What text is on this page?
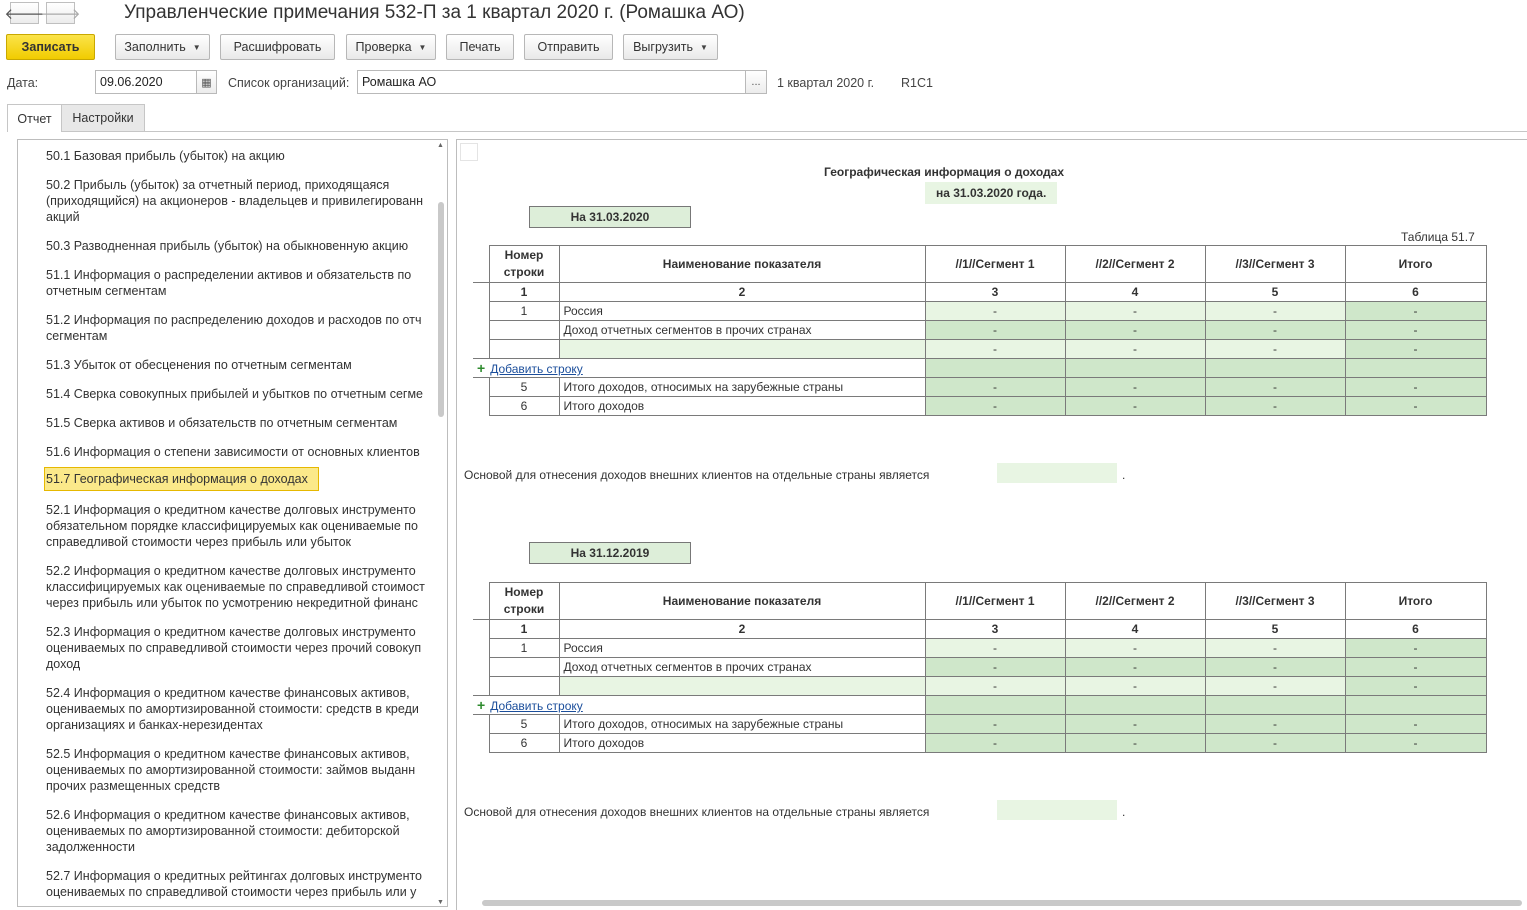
🡐
🡒 Управленческие примечания 532-П за 1 квартал 2020 г. (Ромашка АО)
Записать	Заполнить ▼	Расшифровать	Проверка ▼	Печать	Отправить	Выгрузить ▼
Дата:	09.06.2020	▦ Список организаций:	Ромашка АО	...	1 квартал 2020 г. R1C1
Отчет	Настройки
50.1 Базовая прибыль (убыток) на акцию
50.2 Прибыль (убыток) за отчетный период, приходящаяся
(приходящийся) на акционеров - владельцев и привилегированн
акций
50.3 Разводненная прибыль (убыток) на обыкновенную акцию
51.1 Информация о распределении активов и обязательств по
отчетным сегментам
51.2 Информация по распределению доходов и расходов по отч
сегментам
51.3 Убыток от обесценения по отчетным сегментам
51.4 Сверка совокупных прибылей и убытков по отчетным сегме
51.5 Сверка активов и обязательств по отчетным сегментам
51.6 Информация о степени зависимости от основных клиентов
51.7 Географическая информация о доходах
52.1 Информация о кредитном качестве долговых инструменто
обязательном порядке классифицируемых как оцениваемые по
справедливой стоимости через прибыль или убыток
52.2 Информация о кредитном качестве долговых инструменто
классифицируемых как оцениваемые по справедливой стоимост
через прибыль или убыток по усмотрению некредитной финанс
52.3 Информация о кредитном качестве долговых инструменто
оцениваемых по справедливой стоимости через прочий совокуп
доход
52.4 Информация о кредитном качестве финансовых активов,
оцениваемых по амортизированной стоимости: средств в креди
организациях и банках-нерезидентах
52.5 Информация о кредитном качестве финансовых активов,
оцениваемых по амортизированной стоимости: займов выданн
прочих размещенных средств
52.6 Информация о кредитном качестве финансовых активов,
оцениваемых по амортизированной стоимости: дебиторской
задолженности
52.7 Информация о кредитных рейтингах долговых инструменто
оцениваемых по справедливой стоимости через прибыль или у
▲
▼
Географическая информация о доходах
на 31.03.2020 года.
На 31.03.2020
Таблица 51.7

	Номер
строки	Наименование показателя	//1//Сегмент 1	//2//Сегмент 2	//3//Сегмент 3	Итого
	1	2	3	4	5	6
	1	Россия	-	-	-	-
		Доход отчетных сегментов в прочих странах	-	-	-	-
			-	-	-	-
+ Добавить строку						
	5	Итого доходов, относимых на зарубежные страны	-	-	-	-
	6	Итого доходов	-	-	-	-
Основой для отнесения доходов внешних клиентов на отдельные страны является	.
На 31.12.2019

	Номер
строки	Наименование показателя	//1//Сегмент 1	//2//Сегмент 2	//3//Сегмент 3	Итого
	1	2	3	4	5	6
	1	Россия	-	-	-	-
		Доход отчетных сегментов в прочих странах	-	-	-	-
			-	-	-	-
+ Добавить строку						
	5	Итого доходов, относимых на зарубежные страны	-	-	-	-
	6	Итого доходов	-	-	-	-
Основой для отнесения доходов внешних клиентов на отдельные страны является	.
